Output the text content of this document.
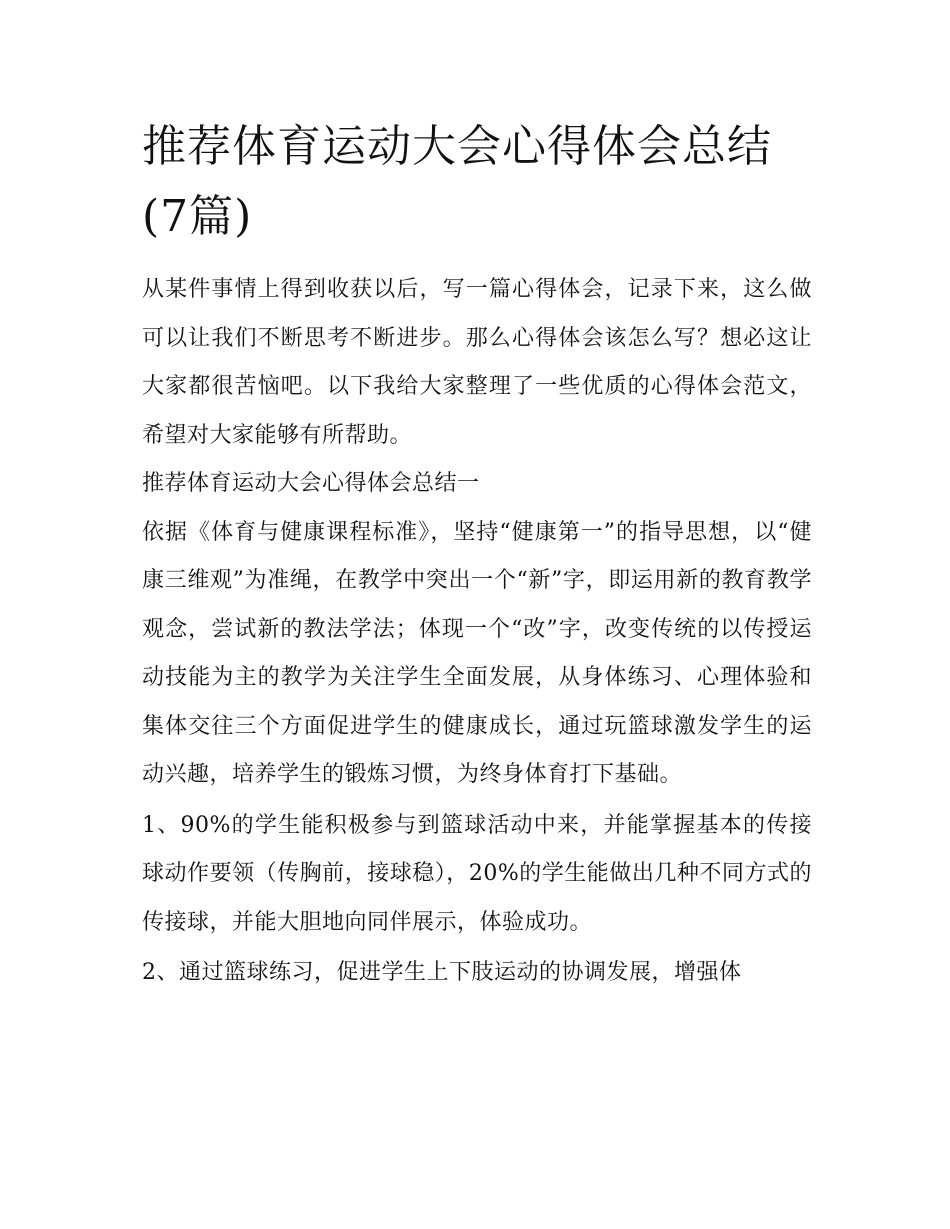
推荐体育运动大会心得体会总结(7篇)

从某件事情上得到收获以后，写一篇心得体会，记录下来，这么做可以让我们不断思考不断进步。那么心得体会该怎么写？想必这让大家都很苦恼吧。以下我给大家整理了一些优质的心得体会范文，希望对大家能够有所帮助。

推荐体育运动大会心得体会总结一

依据《体育与健康课程标准》，坚持“健康第一”的指导思想，以“健康三维观”为准绳，在教学中突出一个“新”字，即运用新的教育教学观念，尝试新的教法学法；体现一个“改”字，改变传统的以传授运动技能为主的教学为关注学生全面发展，从身体练习、心理体验和集体交往三个方面促进学生的健康成长，通过玩篮球激发学生的运动兴趣，培养学生的锻炼习惯，为终身体育打下基础。

1、90%的学生能积极参与到篮球活动中来，并能掌握基本的传接球动作要领（传胸前，接球稳），20%的学生能做出几种不同方式的传接球，并能大胆地向同伴展示，体验成功。

2、通过篮球练习，促进学生上下肢运动的协调发展，增强体
